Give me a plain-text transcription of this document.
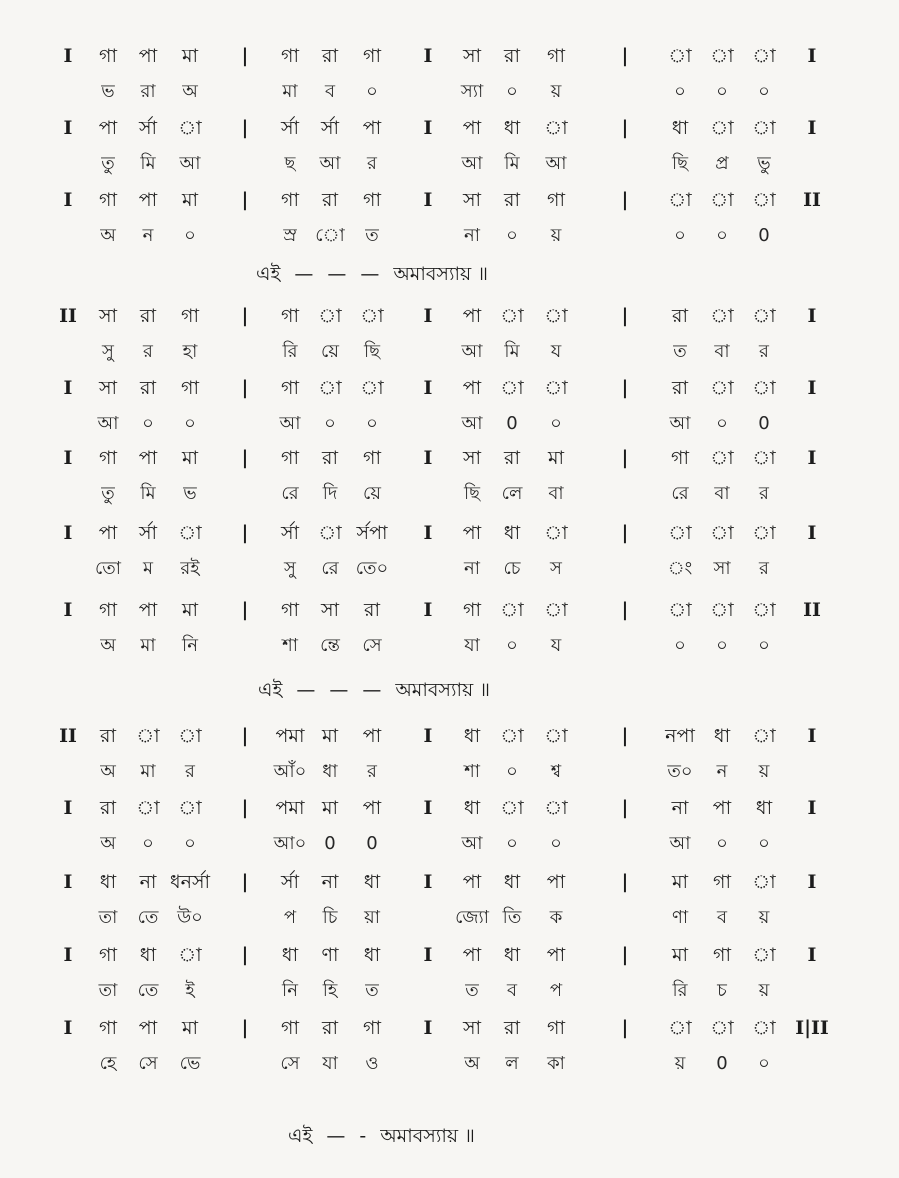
I গা পা মা | গা রা গা I সা রা গা	| া া া I
ভ রা অ	মা ব ০	স্যা ০ য়	০ ০ ০
I পা র্সা া | র্সা র্সা পা I পা ধা া	| ধা া া I
তু মি আ	ছ আ র	আ মি আ	ছি প্র ভু
I গা পা মা | গা রা গা I সা রা গা	| া া া II
অ ন ০	স্র ো ত	না ০ য়	০ ০ 0
এই — — — অমাবস্যায় ॥
II সা রা গা | গা া া I পা া া	| রা া া I
সু র হা	রি য়ে ছি	আ মি য	ত বা র
I সা রা গা | গা া া I পা া া	| রা া া I
আ ০ ০	আ ০ ০	আ 0 ০	আ ০ 0
I গা পা মা | গা রা গা I সা রা মা	| গা া া I
তু মি ভ	রে দি য়ে	ছি লে বা	রে বা র
I পা র্সা া | র্সা া র্সপা I পা ধা া	| া া া I
তো ম রই	সু রে তে০	না চে স	ং সা র
I গা পা মা | গা সা রা I গা া া	| া া া II
অ মা নি	শা ন্তে সে	যা ০ য	০ ০ ০
এই — — — অমাবস্যায় ॥
II রা া া | পমা মা পা I ধা া া	| নপা ধা া I
অ মা র	আঁ০ ধা র	শা ০ শ্ব	ত০ ন য়
I রা া া | পমা মা পা I ধা া া	| না পা ধা I
অ ০ ০	আ০ 0 0	আ ০ ০	আ ০ ০
I ধা না ধনর্সা | র্সা না ধা I পা ধা পা	| মা গা া I
তা তে উ০	প চি য়া	জ্যো তি ক	ণা ব য়
I গা ধা া | ধা ণা ধা I পা ধা পা	| মা গা া I
তা তে ই	নি হি ত	ত ব প	রি চ য়
I গা পা মা | গা রা গা I সা রা গা	| া া া I|II
হে সে ভে	সে যা ও	অ ল কা	য় 0 ০
এই — - অমাবস্যায় ॥
